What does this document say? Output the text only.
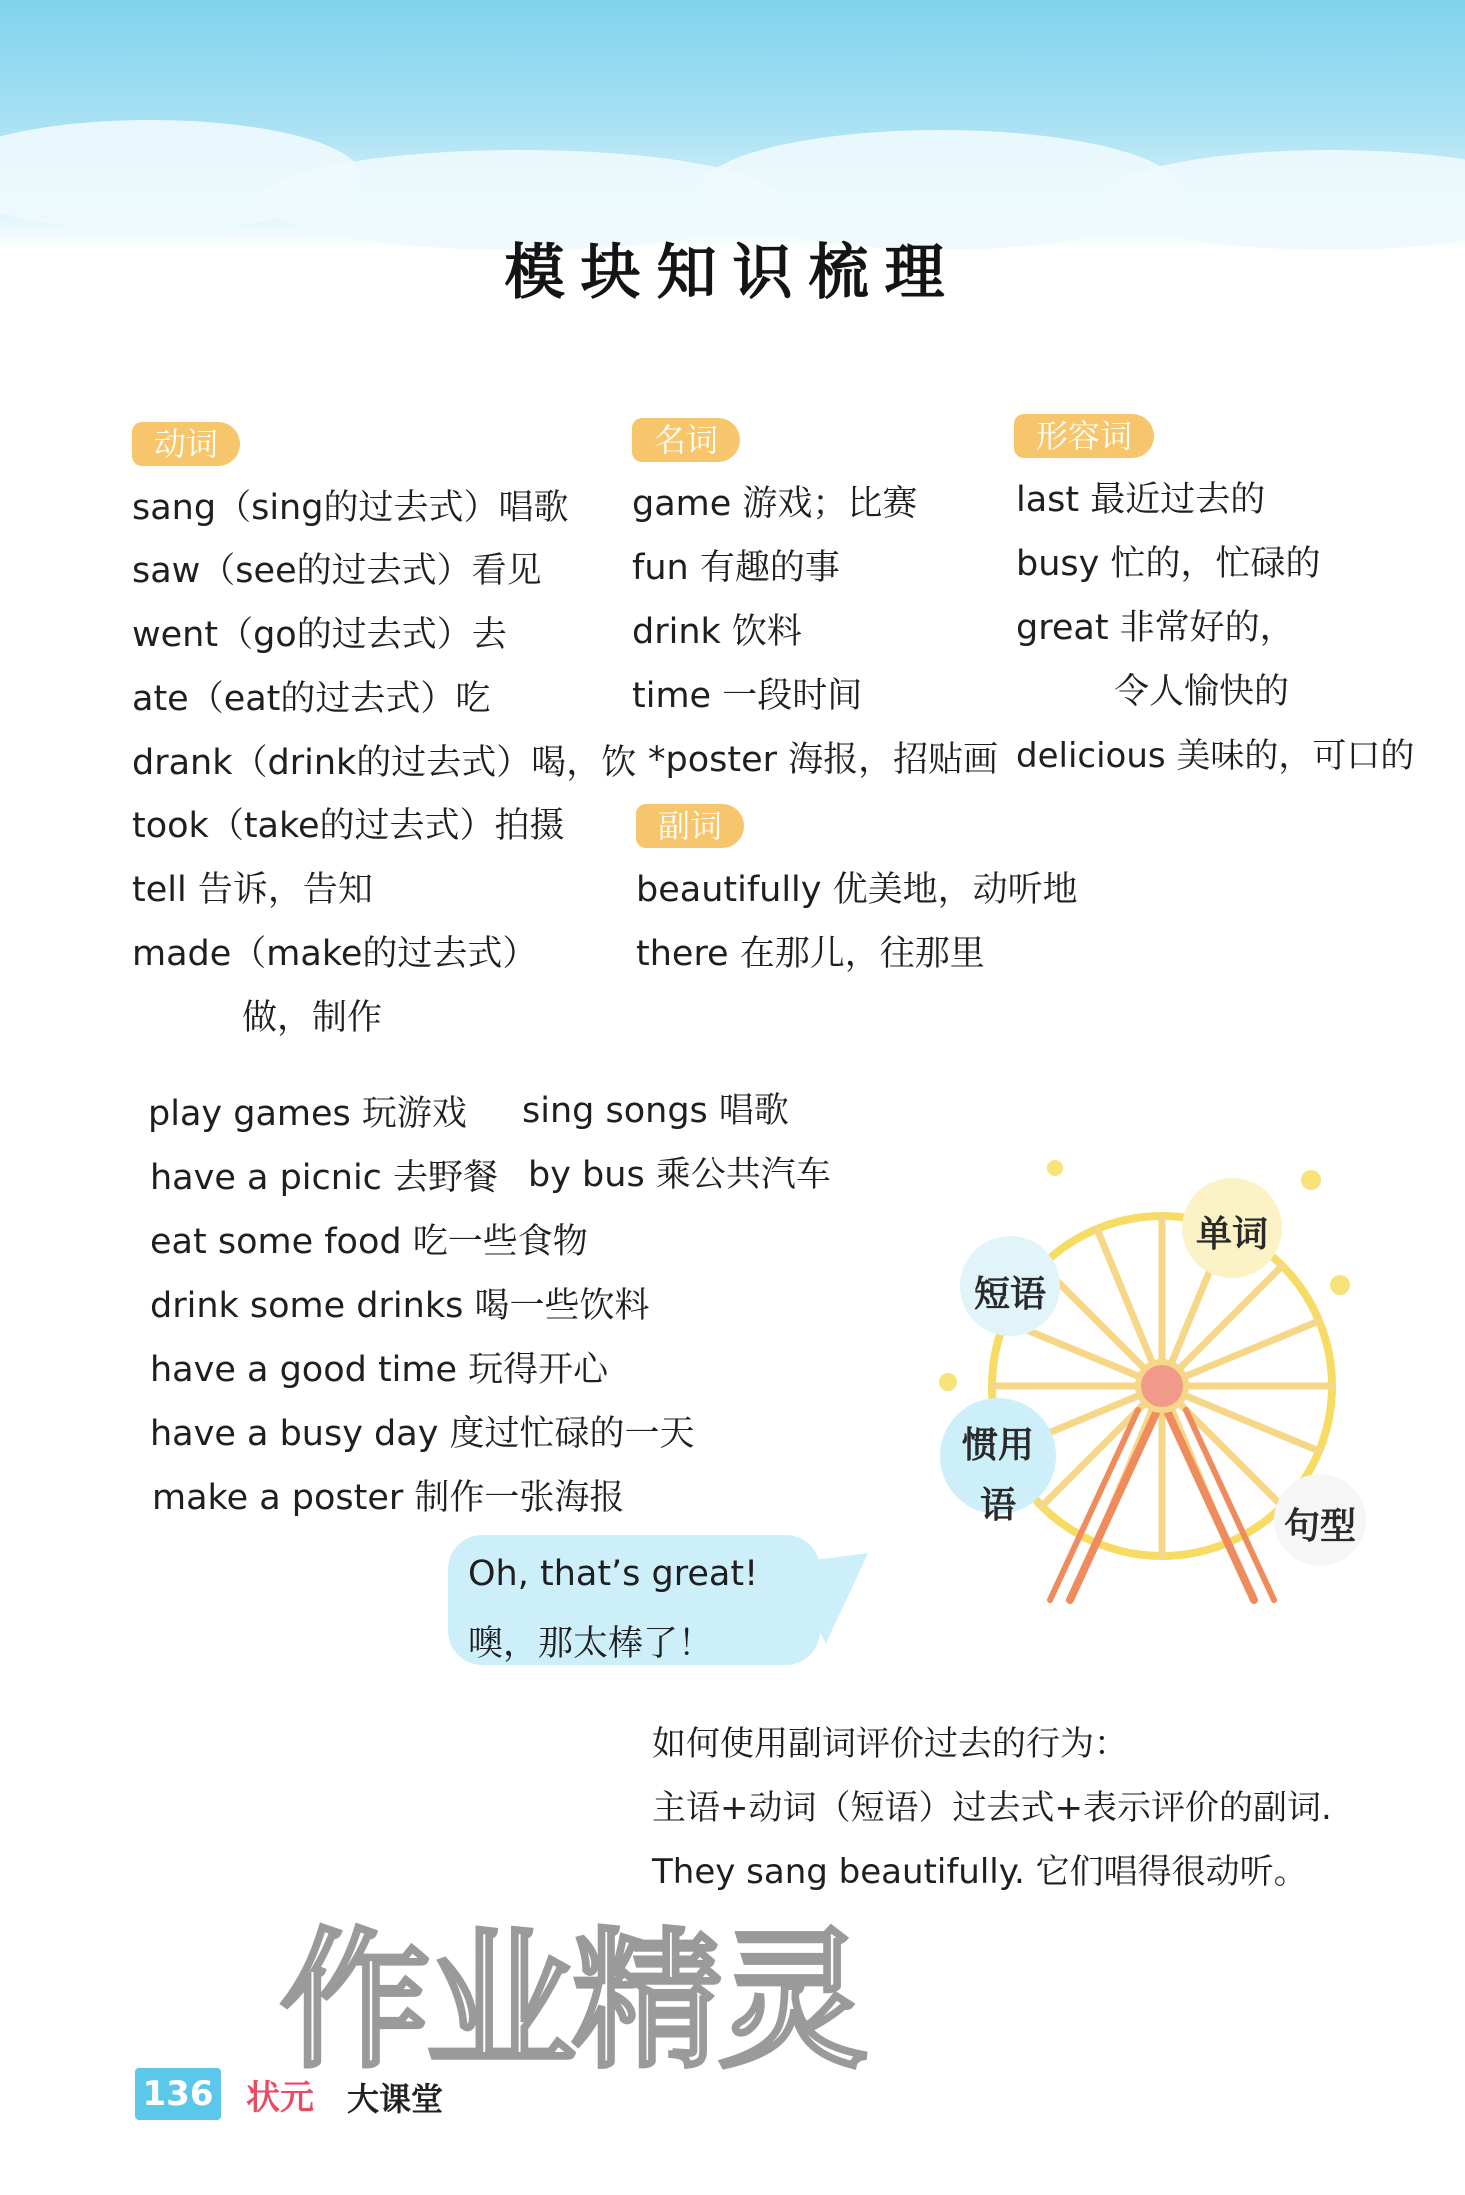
模块知识梳理
动词
sang（sing的过去式）唱歌
saw（see的过去式）看见
went（go的过去式）去
ate（eat的过去式）吃
drank（drink的过去式）喝，饮
took（take的过去式）拍摄
tell 告诉，告知
made（make的过去式）
做，制作
名词
game 游戏；比赛
fun 有趣的事
drink 饮料
time 一段时间
*poster 海报，招贴画
形容词
last 最近过去的
busy 忙的，忙碌的
great 非常好的，
令人愉快的
delicious 美味的，可口的
副词
beautifully 优美地，动听地
there 在那儿，往那里
play games 玩游戏 sing songs 唱歌
have a picnic 去野餐 by bus 乘公共汽车
eat some food 吃一些食物
drink some drinks 喝一些饮料
have a good time 玩得开心
have a busy day 度过忙碌的一天
make a poster 制作一张海报
Oh, that’s great!
噢，那太棒了！
单词
短语
惯用语
句型
如何使用副词评价过去的行为：
主语+动词（短语）过去式+表示评价的副词.
They sang beautifully. 它们唱得很动听。
作业精灵
136 状元 大课堂
